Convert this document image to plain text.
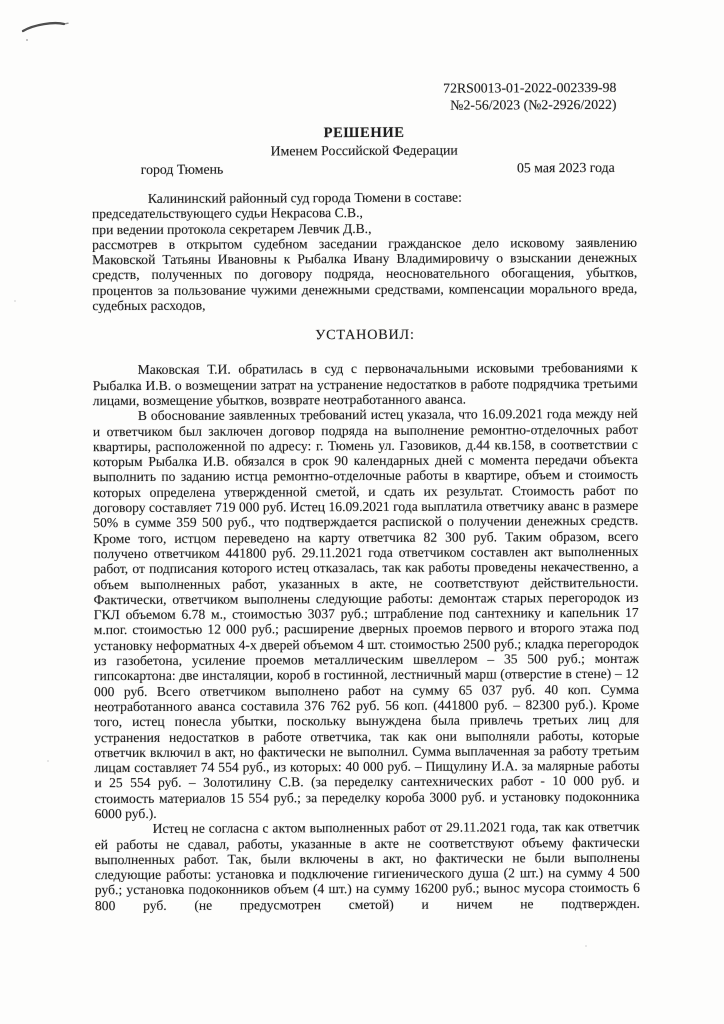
72RS0013-01-2022-002339-98
№2-56/2023 (№2-2926/2022)
РЕШЕНИЕ
Именем Российской Федерации
город Тюмень	05 мая 2023 года
Калининский районный суд города Тюмени в составе:
председательствующего судьи Некрасова С.В.,
при ведении протокола секретарем Левчик Д.В.,
рассмотрев в открытом судебном заседании гражданское дело исковому заявлению Маковской Татьяны Ивановны к Рыбалка Ивану Владимировичу о взыскании денежных средств, полученных по договору подряда, неосновательного обогащения, убытков, процентов за пользование чужими денежными средствами, компенсации морального вреда, судебных расходов,
УСТАНОВИЛ:

Маковская Т.И. обратилась в суд с первоначальными исковыми требованиями к Рыбалка И.В. о возмещении затрат на устранение недостатков в работе подрядчика третьими лицами, возмещение убытков, возврате неотработанного аванса.

В обоснование заявленных требований истец указала, что 16.09.2021 года между ней и ответчиком был заключен договор подряда на выполнение ремонтно-отделочных работ квартиры, расположенной по адресу: г. Тюмень ул. Газовиков, д.44 кв.158, в соответствии с которым Рыбалка И.В. обязался в срок 90 календарных дней с момента передачи объекта выполнить по заданию истца ремонтно-отделочные работы в квартире, объем и стоимость которых определена утвержденной сметой, и сдать их результат. Стоимость работ по договору составляет 719 000 руб. Истец 16.09.2021 года выплатила ответчику аванс в размере 50% в сумме 359 500 руб., что подтверждается распиской о получении денежных средств. Кроме того, истцом переведено на карту ответчика 82 300 руб. Таким образом, всего получено ответчиком 441800 руб. 29.11.2021 года ответчиком составлен акт выполненных работ, от подписания которого истец отказалась, так как работы проведены некачественно, а объем выполненных работ, указанных в акте, не соответствуют действительности. Фактически, ответчиком выполнены следующие работы: демонтаж старых перегородок из ГКЛ объемом 6.78 м., стоимостью 3037 руб.; штрабление под сантехнику и капельник 17 м.пог. стоимостью 12 000 руб.; расширение дверных проемов первого и второго этажа под установку неформатных 4-х дверей объемом 4 шт. стоимостью 2500 руб.; кладка перегородок из газобетона, усиление проемов металлическим швеллером – 35 500 руб.; монтаж гипсокартона: две инсталяции, короб в гостинной, лестничный марш (отверстие в стене) – 12 000 руб. Всего ответчиком выполнено работ на сумму 65 037 руб. 40 коп. Сумма неотработанного аванса составила 376 762 руб. 56 коп. (441800 руб. – 82300 руб.). Кроме того, истец понесла убытки, поскольку вынуждена была привлечь третьих лиц для устранения недостатков в работе ответчика, так как они выполняли работы, которые ответчик включил в акт, но фактически не выполнил. Сумма выплаченная за работу третьим лицам составляет 74 554 руб., из которых: 40 000 руб. – Пищулину И.А. за малярные работы и 25 554 руб. – Золотилину С.В. (за переделку сантехнических работ - 10 000 руб. и стоимость материалов 15 554 руб.; за переделку короба 3000 руб. и установку подоконника 6000 руб.).

Истец не согласна с актом выполненных работ от 29.11.2021 года, так как ответчик ей работы не сдавал, работы, указанные в акте не соответствуют объему фактически выполненных работ. Так, были включены в акт, но фактически не были выполнены следующие работы: установка и подключение гигиенического душа (2 шт.) на сумму 4 500 руб.; установка подоконников объем (4 шт.) на сумму 16200 руб.; вынос мусора стоимость 6 800 руб. (не предусмотрен сметой) и ничем не подтвержден.
